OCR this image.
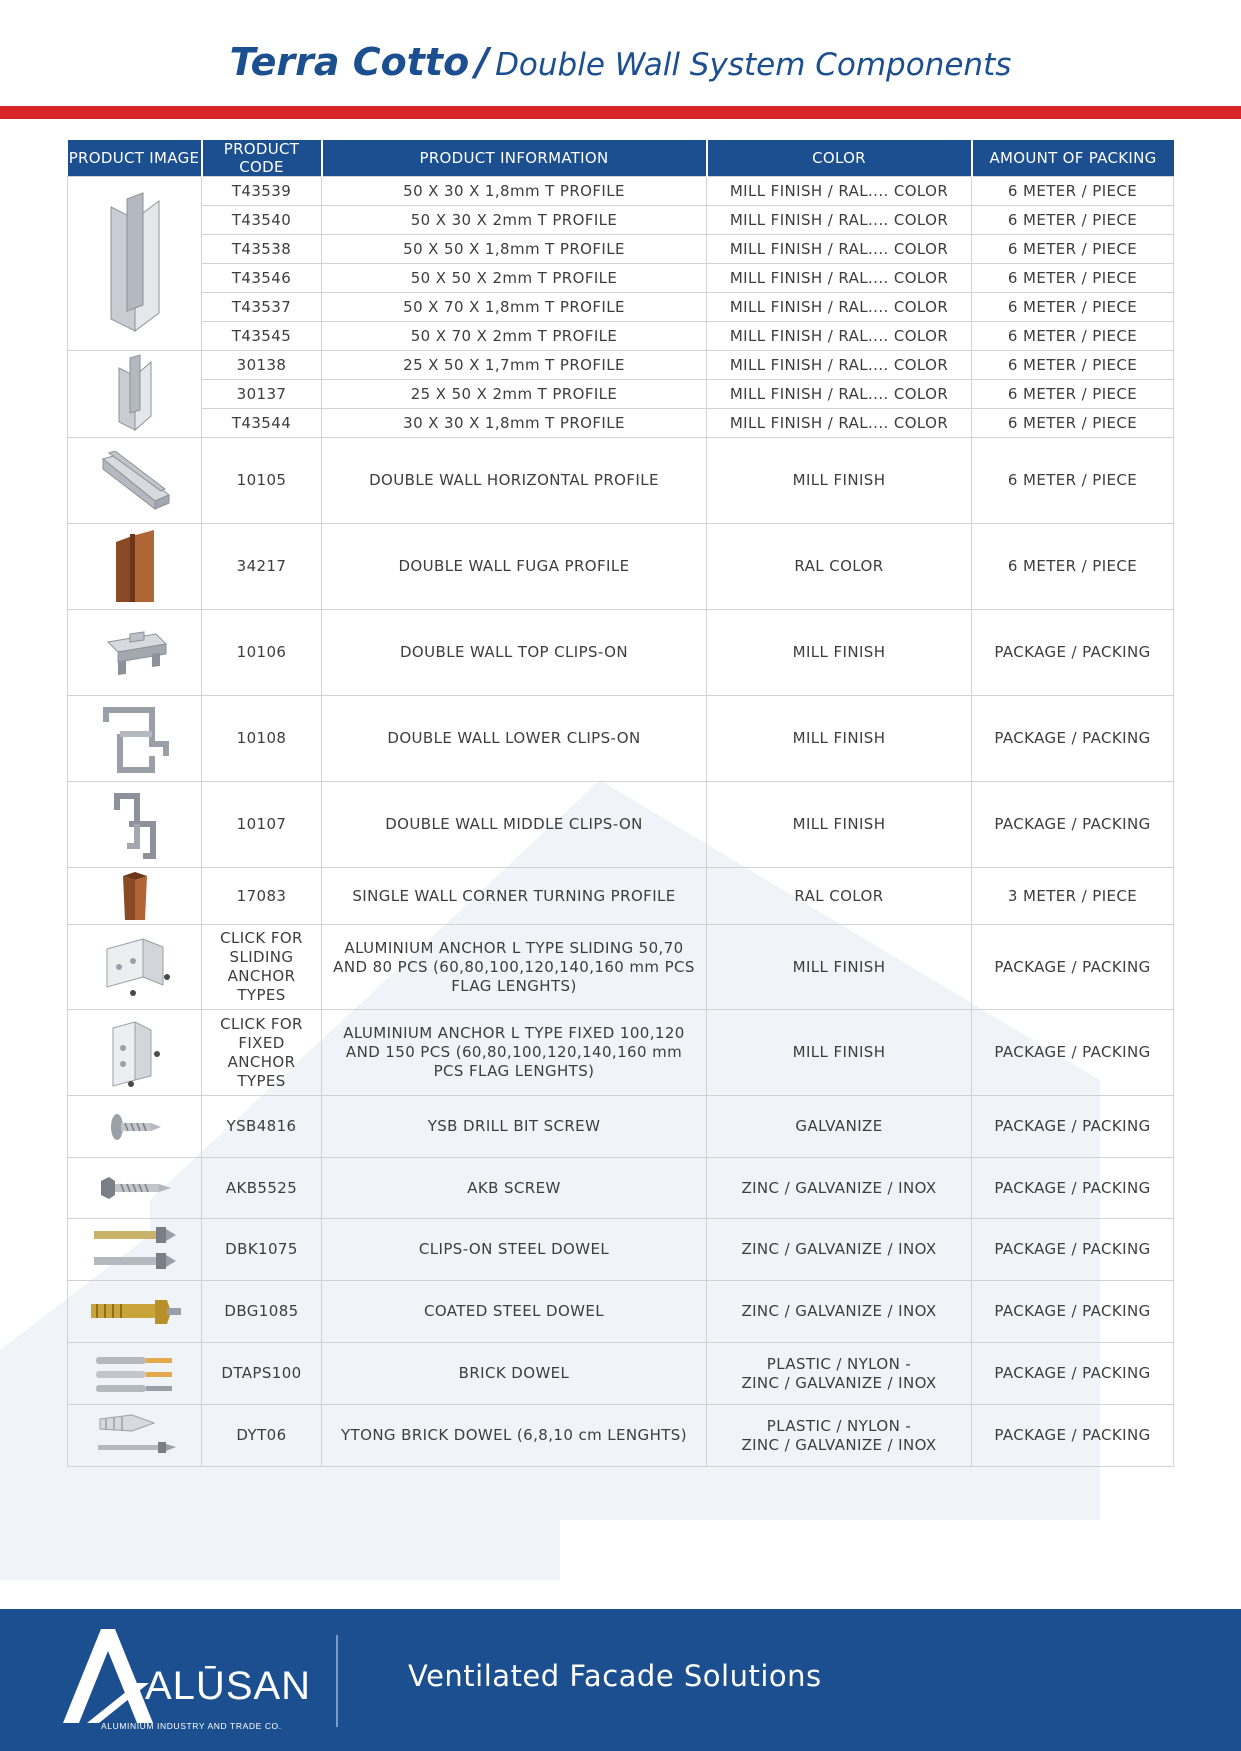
Terra Cotto / Double Wall System Components
PRODUCT IMAGE	PRODUCT CODE	PRODUCT INFORMATION	COLOR	AMOUNT OF PACKING

	T43539	50 X 30 X 1,8mm T PROFILE	MILL FINISH / RAL.... COLOR	6 METER / PIECE
	T43540	50 X 30 X 2mm T PROFILE	MILL FINISH / RAL.... COLOR	6 METER / PIECE
	T43538	50 X 50 X 1,8mm T PROFILE	MILL FINISH / RAL.... COLOR	6 METER / PIECE
	T43546	50 X 50 X 2mm T PROFILE	MILL FINISH / RAL.... COLOR	6 METER / PIECE
	T43537	50 X 70 X 1,8mm T PROFILE	MILL FINISH / RAL.... COLOR	6 METER / PIECE
	T43545	50 X 70 X 2mm T PROFILE	MILL FINISH / RAL.... COLOR	6 METER / PIECE

	30138	25 X 50 X 1,7mm T PROFILE	MILL FINISH / RAL.... COLOR	6 METER / PIECE
	30137	25 X 50 X 2mm T PROFILE	MILL FINISH / RAL.... COLOR	6 METER / PIECE
	T43544	30 X 30 X 1,8mm T PROFILE	MILL FINISH / RAL.... COLOR	6 METER / PIECE

	10105	DOUBLE WALL HORIZONTAL PROFILE	MILL FINISH	6 METER / PIECE

	34217	DOUBLE WALL FUGA PROFILE	RAL COLOR	6 METER / PIECE

	10106	DOUBLE WALL TOP CLIPS-ON	MILL FINISH	PACKAGE / PACKING

	10108	DOUBLE WALL LOWER CLIPS-ON	MILL FINISH	PACKAGE / PACKING

	10107	DOUBLE WALL MIDDLE CLIPS-ON	MILL FINISH	PACKAGE / PACKING

	17083	SINGLE WALL CORNER TURNING PROFILE	RAL COLOR	3 METER / PIECE

	CLICK FOR
SLIDING
ANCHOR TYPES	ALUMINIUM ANCHOR L TYPE SLIDING 50,70
AND 80 PCS (60,80,100,120,140,160 mm PCS
FLAG LENGHTS)	MILL FINISH	PACKAGE / PACKING

	CLICK FOR
FIXED
ANCHOR TYPES	ALUMINIUM ANCHOR L TYPE FIXED 100,120
AND 150 PCS (60,80,100,120,140,160 mm
PCS FLAG LENGHTS)	MILL FINISH	PACKAGE / PACKING

	YSB4816	YSB DRILL BIT SCREW	GALVANIZE	PACKAGE / PACKING

	AKB5525	AKB SCREW	ZINC / GALVANIZE / INOX	PACKAGE / PACKING

	DBK1075	CLIPS-ON STEEL DOWEL	ZINC / GALVANIZE / INOX	PACKAGE / PACKING

	DBG1085	COATED STEEL DOWEL	ZINC / GALVANIZE / INOX	PACKAGE / PACKING

	DTAPS100	BRICK DOWEL	PLASTIC / NYLON -
ZINC / GALVANIZE / INOX	PACKAGE / PACKING

	DYT06	YTONG BRICK DOWEL (6,8,10 cm LENGHTS)	PLASTIC / NYLON -
ZINC / GALVANIZE / INOX	PACKAGE / PACKING
ALŪSAN
ALUMINIUM INDUSTRY AND TRADE CO.
Ventilated Facade Solutions
